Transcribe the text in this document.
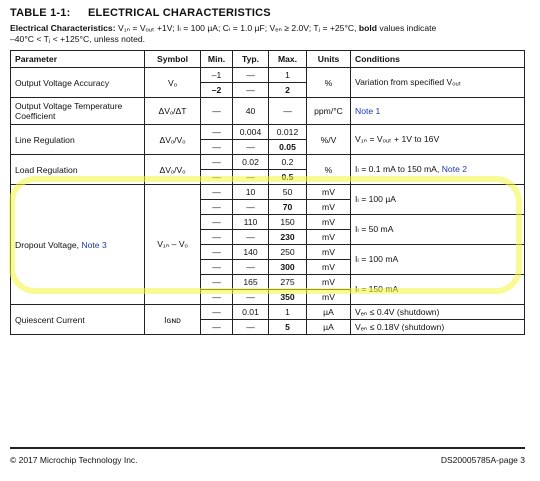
TABLE 1-1: ELECTRICAL CHARACTERISTICS
Electrical Characteristics: V₁ₙ = Vₒᵤₜ +1V; Iₗ = 100 µA; Cₗ = 1.0 µF; Vₑₙ ≥ 2.0V; Tⱼ = +25°C, bold values indicate
–40°C < Tⱼ < +125°C, unless noted.
Parameter	Symbol	Min.	Typ.	Max.	Units	Conditions
Output Voltage Accuracy	Vₒ	–1	—	1	%	Variation from specified Vₒᵤₜ
		–2	—	2		
Output Voltage Temperature Coefficient	ΔVₒ/ΔT	—	40	—	ppm/°C	Note 1
Line Regulation	ΔVₒ/Vₒ	—	0.004	0.012	%/V	V₁ₙ = Vₒᵤₜ + 1V to 16V
		—	—	0.05		
Load Regulation	ΔVₒ/Vₒ	—	0.02	0.2	%	Iₗ = 0.1 mA to 150 mA, Note 2
		—	—	0.5		
Dropout Voltage, Note 3	V₁ₙ – Vₒ	—	10	50	mV	Iₗ = 100 µA
		—	—	70	mV	
		—	110	150	mV	Iₗ = 50 mA
		—	—	230	mV	
		—	140	250	mV	Iₗ = 100 mA
		—	—	300	mV	
		—	165	275	mV	Iₗ = 150 mA
		—	—	350	mV	
Quiescent Current	Iɢɴᴅ	—	0.01	1	µA	Vₑₙ ≤ 0.4V (shutdown)
		—	—	5	µA	Vₑₙ ≤ 0.18V (shutdown)
© 2017 Microchip Technology Inc.	DS20005785A-page 3
